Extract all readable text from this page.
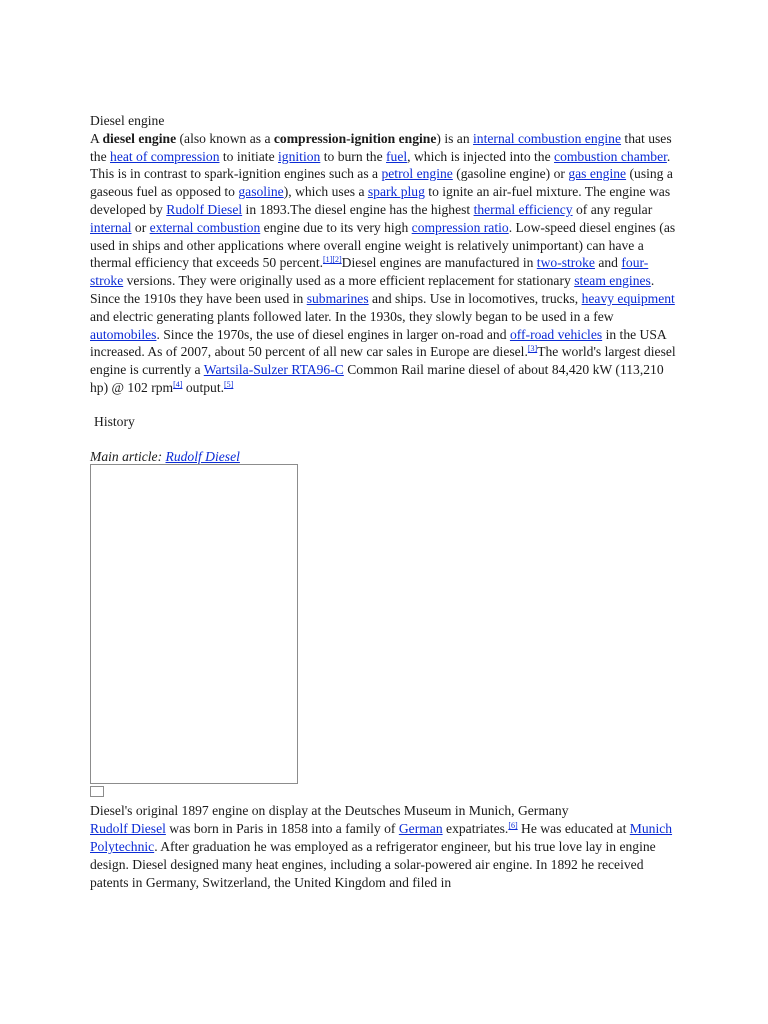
Diesel engine

A diesel engine (also known as a compression-ignition engine) is an internal combustion engine that uses the heat of compression to initiate ignition to burn the fuel, which is injected into the combustion chamber. This is in contrast to spark-ignition engines such as a petrol engine (gasoline engine) or gas engine (using a gaseous fuel as opposed to gasoline), which uses a spark plug to ignite an air-fuel mixture. The engine was developed by Rudolf Diesel in 1893.The diesel engine has the highest thermal efficiency of any regular internal or external combustion engine due to its very high compression ratio. Low-speed diesel engines (as used in ships and other applications where overall engine weight is relatively unimportant) can have a thermal efficiency that exceeds 50 percent.[1][2]Diesel engines are manufactured in two-stroke and four-stroke versions. They were originally used as a more efficient replacement for stationary steam engines. Since the 1910s they have been used in submarines and ships. Use in locomotives, trucks, heavy equipment and electric generating plants followed later. In the 1930s, they slowly began to be used in a few automobiles. Since the 1970s, the use of diesel engines in larger on-road and off-road vehicles in the USA increased. As of 2007, about 50 percent of all new car sales in Europe are diesel.[3]The world's largest diesel engine is currently a Wartsila-Sulzer RTA96-C Common Rail marine diesel of about 84,420 kW (113,210 hp) @ 102 rpm[4] output.[5]

History

Main article: Rudolf Diesel

Diesel's original 1897 engine on display at the Deutsches Museum in Munich, Germany

Rudolf Diesel was born in Paris in 1858 into a family of German expatriates.[6] He was educated at Munich Polytechnic. After graduation he was employed as a refrigerator engineer, but his true love lay in engine design. Diesel designed many heat engines, including a solar-powered air engine. In 1892 he received patents in Germany, Switzerland, the United Kingdom and filed in
